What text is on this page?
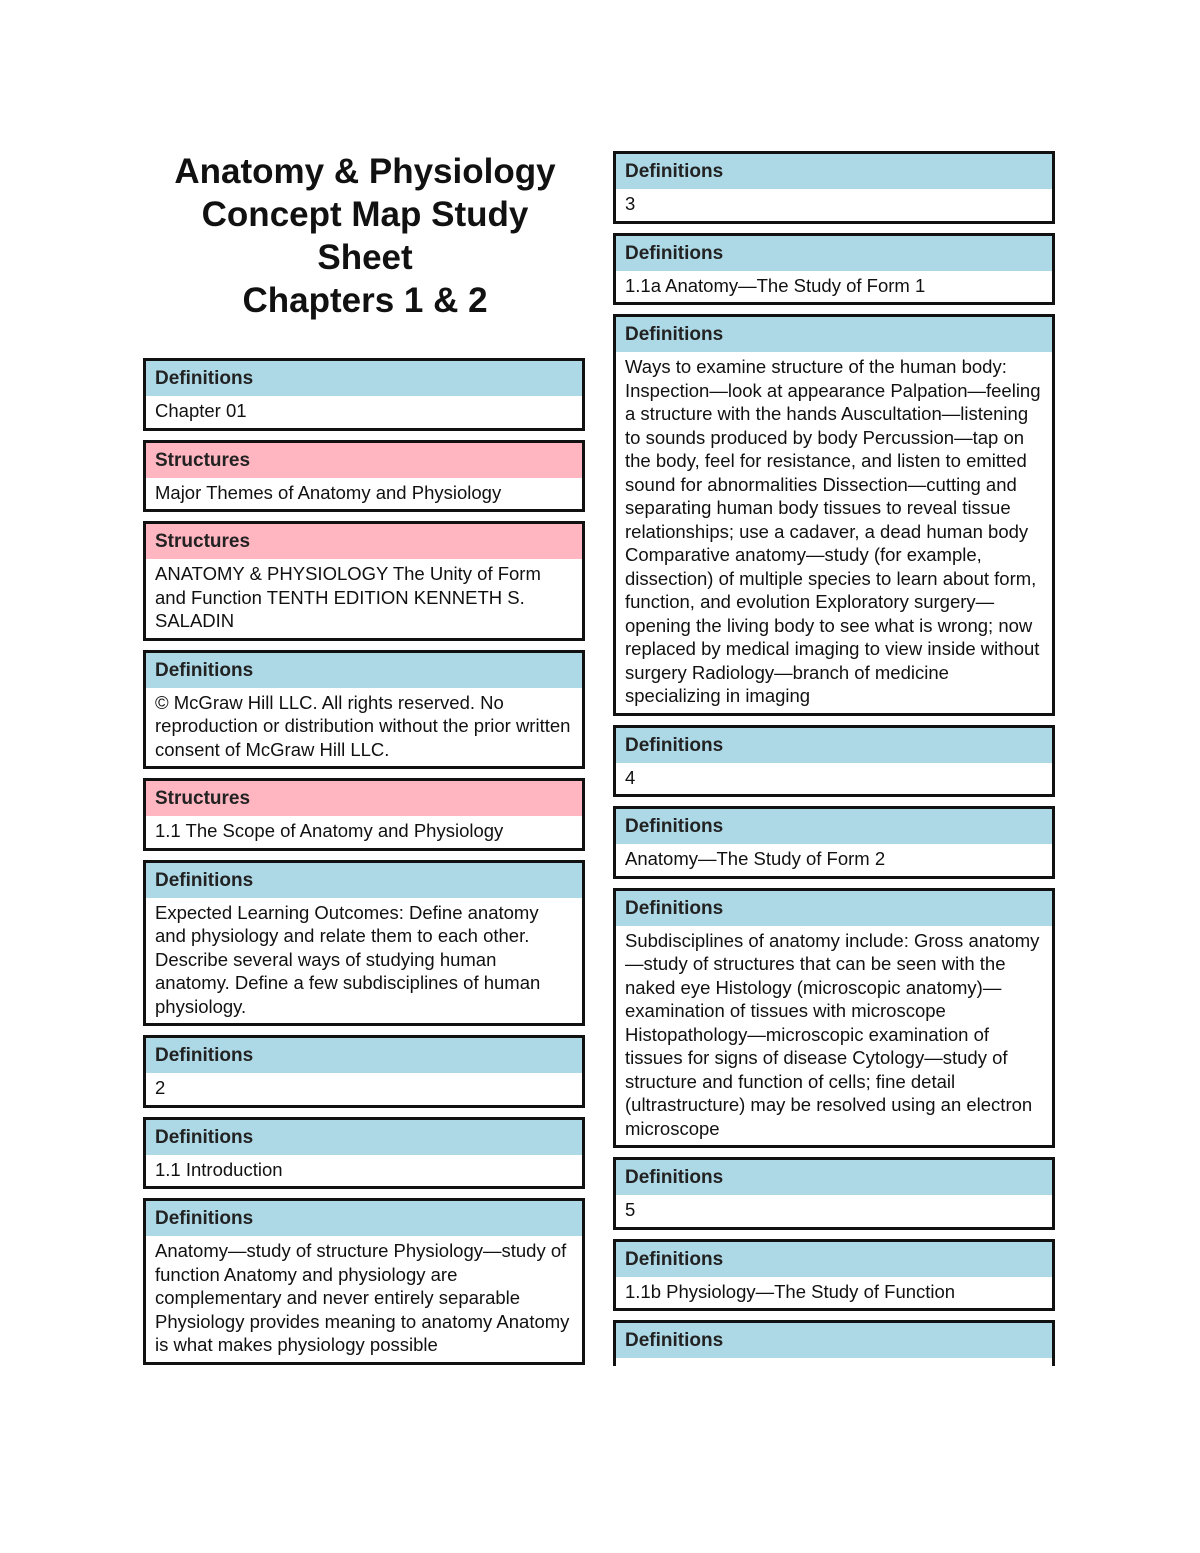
Anatomy & Physiology
Concept Map Study
Sheet
Chapters 1 & 2
Definitions
Chapter 01
Structures
Major Themes of Anatomy and Physiology
Structures
ANATOMY & PHYSIOLOGY The Unity of Form and Function TENTH EDITION KENNETH S. SALADIN
Definitions
© McGraw Hill LLC. All rights reserved. No reproduction or distribution without the prior written consent of McGraw Hill LLC.
Structures
1.1 The Scope of Anatomy and Physiology
Definitions
Expected Learning Outcomes: Define anatomy and physiology and relate them to each other. Describe several ways of studying human anatomy. Define a few subdisciplines of human physiology.
Definitions
2
Definitions
1.1 Introduction
Definitions
Anatomy—study of structure Physiology—study of function Anatomy and physiology are complementary and never entirely separable Physiology provides meaning to anatomy Anatomy is what makes physiology possible
Definitions
3
Definitions
1.1a Anatomy—The Study of Form 1
Definitions
Ways to examine structure of the human body: Inspection—look at appearance Palpation—feeling a structure with the hands Auscultation—listening to sounds produced by body Percussion—tap on the body, feel for resistance, and listen to emitted sound for abnormalities Dissection—cutting and separating human body tissues to reveal tissue relationships; use a cadaver, a dead human body Comparative anatomy—study (for example, dissection) of multiple species to learn about form, function, and evolution Exploratory surgery—opening the living body to see what is wrong; now replaced by medical imaging to view inside without surgery Radiology—branch of medicine specializing in imaging
Definitions
4
Definitions
Anatomy—The Study of Form 2
Definitions
Subdisciplines of anatomy include: Gross anatomy—study of structures that can be seen with the naked eye Histology (microscopic anatomy)—examination of tissues with microscope Histopathology—microscopic examination of tissues for signs of disease Cytology—study of structure and function of cells; fine detail (ultrastructure) may be resolved using an electron microscope
Definitions
5
Definitions
1.1b Physiology—The Study of Function
Definitions
